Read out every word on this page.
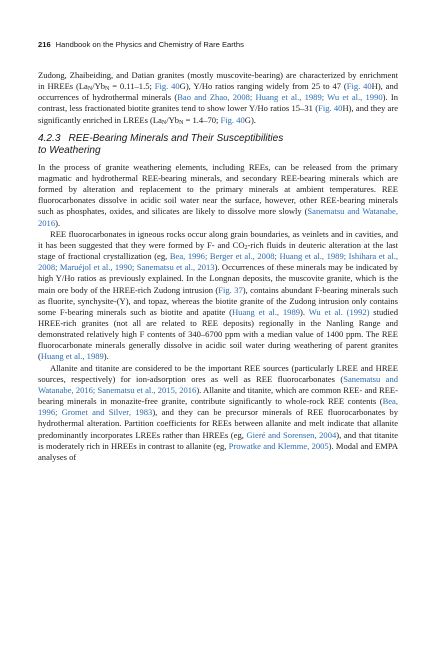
216 Handbook on the Physics and Chemistry of Rare Earths

Zudong, Zhaibeiding, and Datian granites (mostly muscovite-bearing) are characterized by enrichment in HREEs ($La_N/Yb_N = 0.11-1.5$; Fig. 40G), Y/Ho ratios ranging widely from 25 to 47 (Fig. 40H), and occurrences of hydrothermal minerals (Bao and Zhao, 2008; Huang et al., 1989; Wu et al., 1990). In contrast, less fractionated biotite granites tend to show lower Y/Ho ratios 15–31 (Fig. 40H), and they are significantly enriched in LREEs ($La_N/Yb_N = 1.4-70$; Fig. 40G).

4.2.3 REE-Bearing Minerals and Their Susceptibilities
to Weathering

In the process of granite weathering elements, including REEs, can be released from the primary magmatic and hydrothermal REE-bearing minerals, and secondary REE-bearing minerals which are formed by alteration and replacement to the primary minerals at ambient temperatures. REE fluorocarbonates dissolve in acidic soil water near the surface, however, other REE-bearing minerals such as phosphates, oxides, and silicates are likely to dissolve more slowly (Sanematsu and Watanabe, 2016).

REE fluorocarbonates in igneous rocks occur along grain boundaries, as veinlets and in cavities, and it has been suggested that they were formed by F- and $CO_2$-rich fluids in deuteric alteration at the last stage of fractional crystallization (eg, Bea, 1996; Berger et al., 2008; Huang et al., 1989; Ishihara et al., 2008; Maruéjol et al., 1990; Sanematsu et al., 2013). Occurrences of these minerals may be indicated by high Y/Ho ratios as previously explained. In the Longnan deposits, the muscovite granite, which is the main ore body of the HREE-rich Zudong intrusion (Fig. 37), contains abundant F-bearing minerals such as fluorite, synchysite-(Y), and topaz, whereas the biotite granite of the Zudong intrusion only contains some F-bearing minerals such as biotite and apatite (Huang et al., 1989). Wu et al. (1992) studied HREE-rich granites (not all are related to REE deposits) regionally in the Nanling Range and demonstrated relatively high F contents of 340–6700 ppm with a median value of 1400 ppm. The REE fluorocarbonate minerals generally dissolve in acidic soil water during weathering of parent granites (Huang et al., 1989).

Allanite and titanite are considered to be the important REE sources (particularly LREE and HREE sources, respectively) for ion-adsorption ores as well as REE fluorocarbonates (Sanematsu and Watanabe, 2016; Sanematsu et al., 2015, 2016). Allanite and titanite, which are common REE- and REE-bearing minerals in monazite-free granite, contribute significantly to whole-rock REE contents (Bea, 1996; Gromet and Silver, 1983), and they can be precursor minerals of REE fluorocarbonates by hydrothermal alteration. Partition coefficients for REEs between allanite and melt indicate that allanite predominantly incorporates LREEs rather than HREEs (eg, Gieré and Sorensen, 2004), and that titanite is moderately rich in HREEs in contrast to allanite (eg, Prowatke and Klemme, 2005). Modal and EMPA analyses of
